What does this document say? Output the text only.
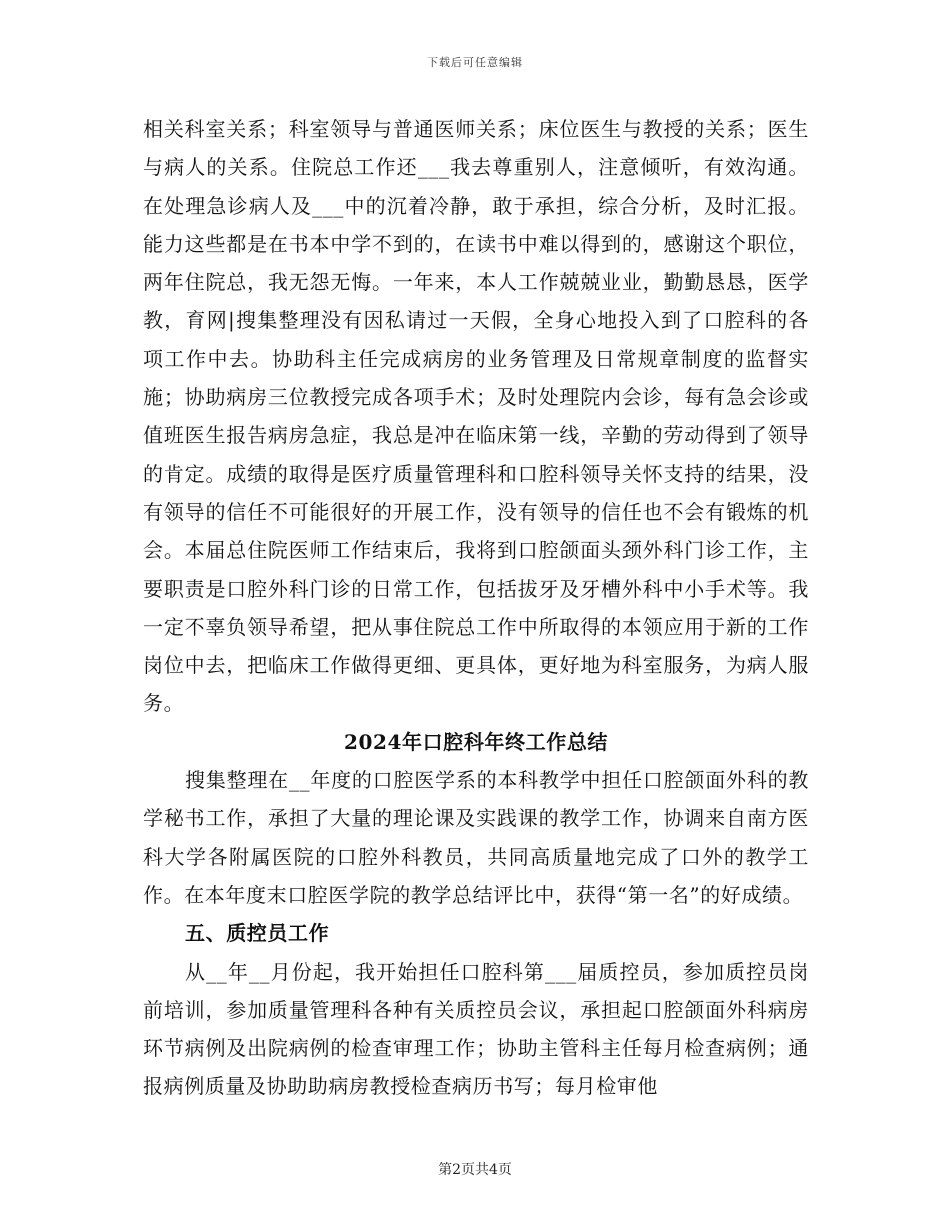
下载后可任意编辑

相关科室关系；科室领导与普通医师关系；床位医生与教授的关系；医生与病人的关系。住院总工作还___我去尊重别人，注意倾听，有效沟通。在处理急诊病人及___中的沉着冷静，敢于承担，综合分析，及时汇报。能力这些都是在书本中学不到的，在读书中难以得到的，感谢这个职位，两年住院总，我无怨无悔。一年来，本人工作兢兢业业，勤勤恳恳，医学教，育网|搜集整理没有因私请过一天假，全身心地投入到了口腔科的各项工作中去。协助科主任完成病房的业务管理及日常规章制度的监督实施；协助病房三位教授完成各项手术；及时处理院内会诊，每有急会诊或值班医生报告病房急症，我总是冲在临床第一线，辛勤的劳动得到了领导的肯定。成绩的取得是医疗质量管理科和口腔科领导关怀支持的结果，没有领导的信任不可能很好的开展工作，没有领导的信任也不会有锻炼的机会。本届总住院医师工作结束后，我将到口腔颌面头颈外科门诊工作，主要职责是口腔外科门诊的日常工作，包括拔牙及牙槽外科中小手术等。我一定不辜负领导希望，把从事住院总工作中所取得的本领应用于新的工作岗位中去，把临床工作做得更细、更具体，更好地为科室服务，为病人服务。

2024年口腔科年终工作总结

搜集整理在__年度的口腔医学系的本科教学中担任口腔颌面外科的教学秘书工作，承担了大量的理论课及实践课的教学工作，协调来自南方医科大学各附属医院的口腔外科教员，共同高质量地完成了口外的教学工作。在本年度末口腔医学院的教学总结评比中，获得“第一名”的好成绩。

五、质控员工作

从__年__月份起，我开始担任口腔科第___届质控员，参加质控员岗前培训，参加质量管理科各种有关质控员会议，承担起口腔颌面外科病房环节病例及出院病例的检查审理工作；协助主管科主任每月检查病例；通报病例质量及协助助病房教授检查病历书写；每月检审他

第2页共4页
